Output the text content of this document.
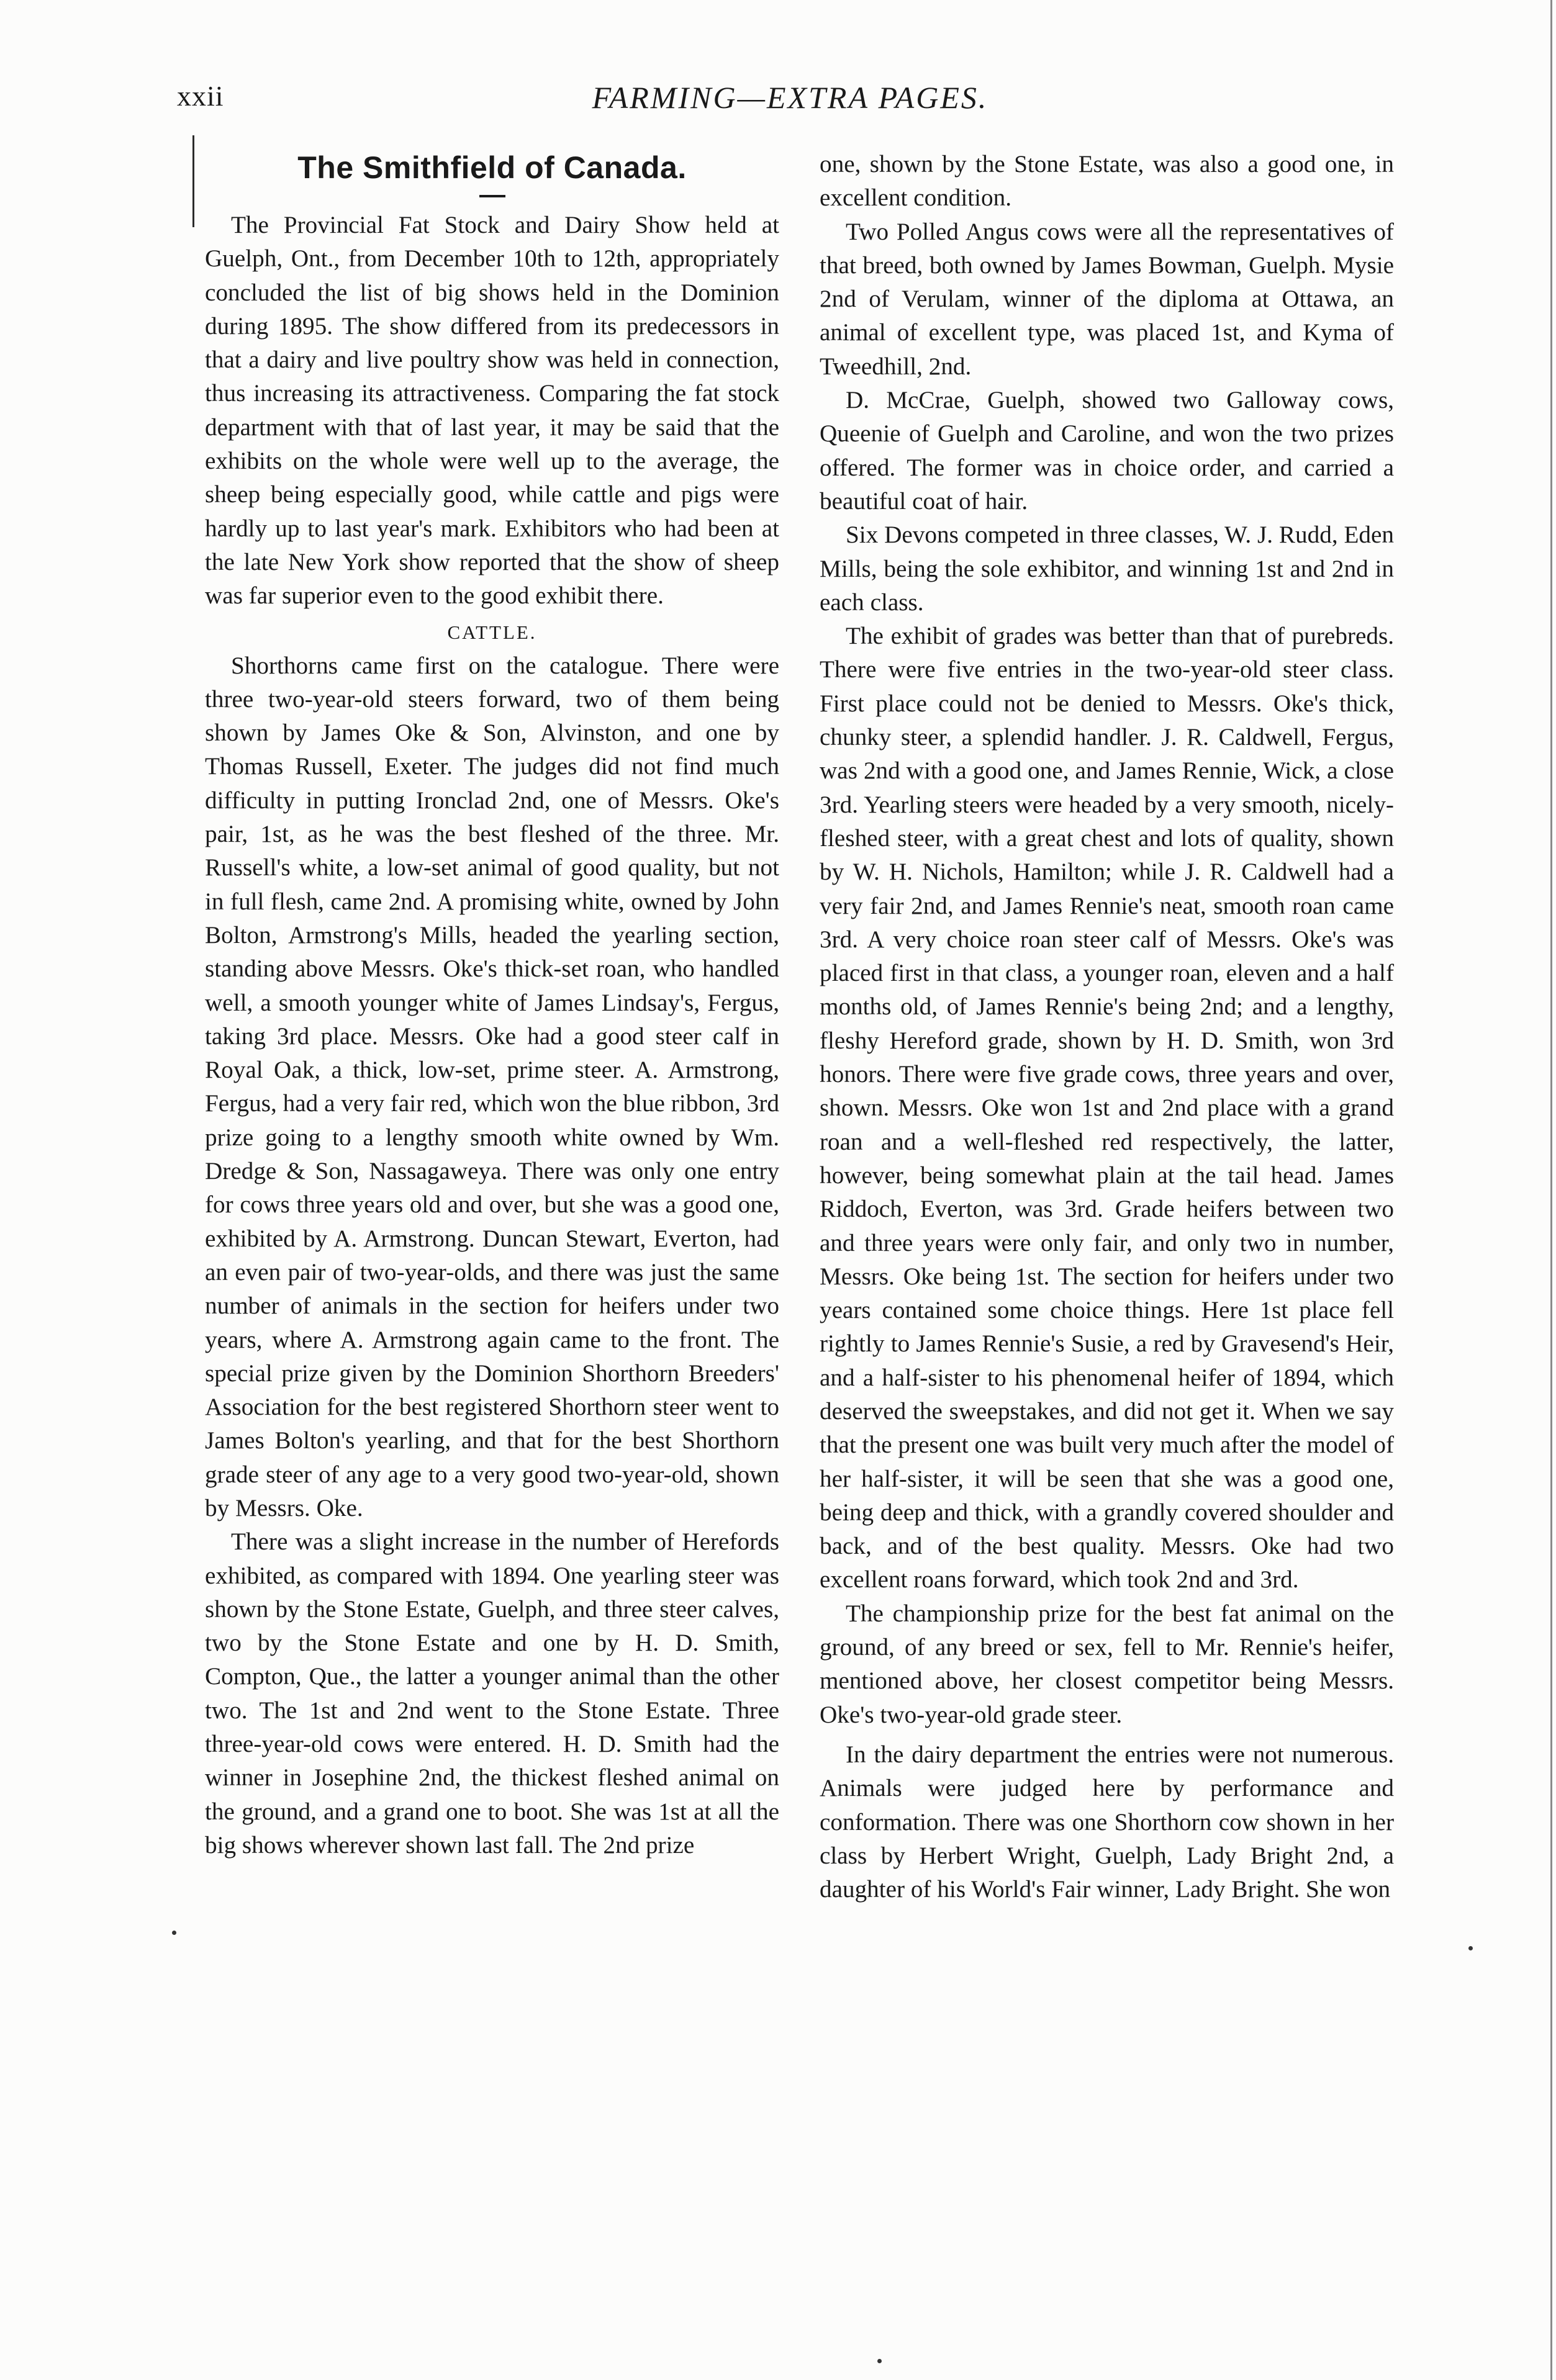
xxii	FARMING—EXTRA PAGES.
The Smithfield of Canada.

The Provincial Fat Stock and Dairy Show held at Guelph, Ont., from December 10th to 12th, appropriately concluded the list of big shows held in the Dominion during 1895. The show differed from its predecessors in that a dairy and live poultry show was held in connection, thus increasing its attractiveness. Comparing the fat stock department with that of last year, it may be said that the exhibits on the whole were well up to the average, the sheep being especially good, while cattle and pigs were hardly up to last year's mark. Exhibitors who had been at the late New York show reported that the show of sheep was far superior even to the good exhibit there.

CATTLE.

Shorthorns came first on the catalogue. There were three two-year-old steers forward, two of them being shown by James Oke & Son, Alvinston, and one by Thomas Russell, Exeter. The judges did not find much difficulty in putting Ironclad 2nd, one of Messrs. Oke's pair, 1st, as he was the best fleshed of the three. Mr. Russell's white, a low-set animal of good quality, but not in full flesh, came 2nd. A promising white, owned by John Bolton, Armstrong's Mills, headed the yearling section, standing above Messrs. Oke's thick-set roan, who handled well, a smooth younger white of James Lindsay's, Fergus, taking 3rd place. Messrs. Oke had a good steer calf in Royal Oak, a thick, low-set, prime steer. A. Armstrong, Fergus, had a very fair red, which won the blue ribbon, 3rd prize going to a lengthy smooth white owned by Wm. Dredge & Son, Nassagaweya. There was only one entry for cows three years old and over, but she was a good one, exhibited by A. Armstrong. Duncan Stewart, Everton, had an even pair of two-year-olds, and there was just the same number of animals in the section for heifers under two years, where A. Armstrong again came to the front. The special prize given by the Dominion Shorthorn Breeders' Association for the best registered Shorthorn steer went to James Bolton's yearling, and that for the best Shorthorn grade steer of any age to a very good two-year-old, shown by Messrs. Oke.

There was a slight increase in the number of Herefords exhibited, as compared with 1894. One yearling steer was shown by the Stone Estate, Guelph, and three steer calves, two by the Stone Estate and one by H. D. Smith, Compton, Que., the latter a younger animal than the other two. The 1st and 2nd went to the Stone Estate. Three three-year-old cows were entered. H. D. Smith had the winner in Josephine 2nd, the thickest fleshed animal on the ground, and a grand one to boot. She was 1st at all the big shows wherever shown last fall. The 2nd prize

one, shown by the Stone Estate, was also a good one, in excellent condition.

Two Polled Angus cows were all the representatives of that breed, both owned by James Bowman, Guelph. Mysie 2nd of Verulam, winner of the diploma at Ottawa, an animal of excellent type, was placed 1st, and Kyma of Tweedhill, 2nd.

D. McCrae, Guelph, showed two Galloway cows, Queenie of Guelph and Caroline, and won the two prizes offered. The former was in choice order, and carried a beautiful coat of hair.

Six Devons competed in three classes, W. J. Rudd, Eden Mills, being the sole exhibitor, and winning 1st and 2nd in each class.

The exhibit of grades was better than that of purebreds. There were five entries in the two-year-old steer class. First place could not be denied to Messrs. Oke's thick, chunky steer, a splendid handler. J. R. Caldwell, Fergus, was 2nd with a good one, and James Rennie, Wick, a close 3rd. Yearling steers were headed by a very smooth, nicely-fleshed steer, with a great chest and lots of quality, shown by W. H. Nichols, Hamilton; while J. R. Caldwell had a very fair 2nd, and James Rennie's neat, smooth roan came 3rd. A very choice roan steer calf of Messrs. Oke's was placed first in that class, a younger roan, eleven and a half months old, of James Rennie's being 2nd; and a lengthy, fleshy Hereford grade, shown by H. D. Smith, won 3rd honors. There were five grade cows, three years and over, shown. Messrs. Oke won 1st and 2nd place with a grand roan and a well-fleshed red respectively, the latter, however, being somewhat plain at the tail head. James Riddoch, Everton, was 3rd. Grade heifers between two and three years were only fair, and only two in number, Messrs. Oke being 1st. The section for heifers under two years contained some choice things. Here 1st place fell rightly to James Rennie's Susie, a red by Gravesend's Heir, and a half-sister to his phenomenal heifer of 1894, which deserved the sweepstakes, and did not get it. When we say that the present one was built very much after the model of her half-sister, it will be seen that she was a good one, being deep and thick, with a grandly covered shoulder and back, and of the best quality. Messrs. Oke had two excellent roans forward, which took 2nd and 3rd.

The championship prize for the best fat animal on the ground, of any breed or sex, fell to Mr. Rennie's heifer, mentioned above, her closest competitor being Messrs. Oke's two-year-old grade steer.

In the dairy department the entries were not numerous. Animals were judged here by performance and conformation. There was one Shorthorn cow shown in her class by Herbert Wright, Guelph, Lady Bright 2nd, a daughter of his World's Fair winner, Lady Bright. She won
